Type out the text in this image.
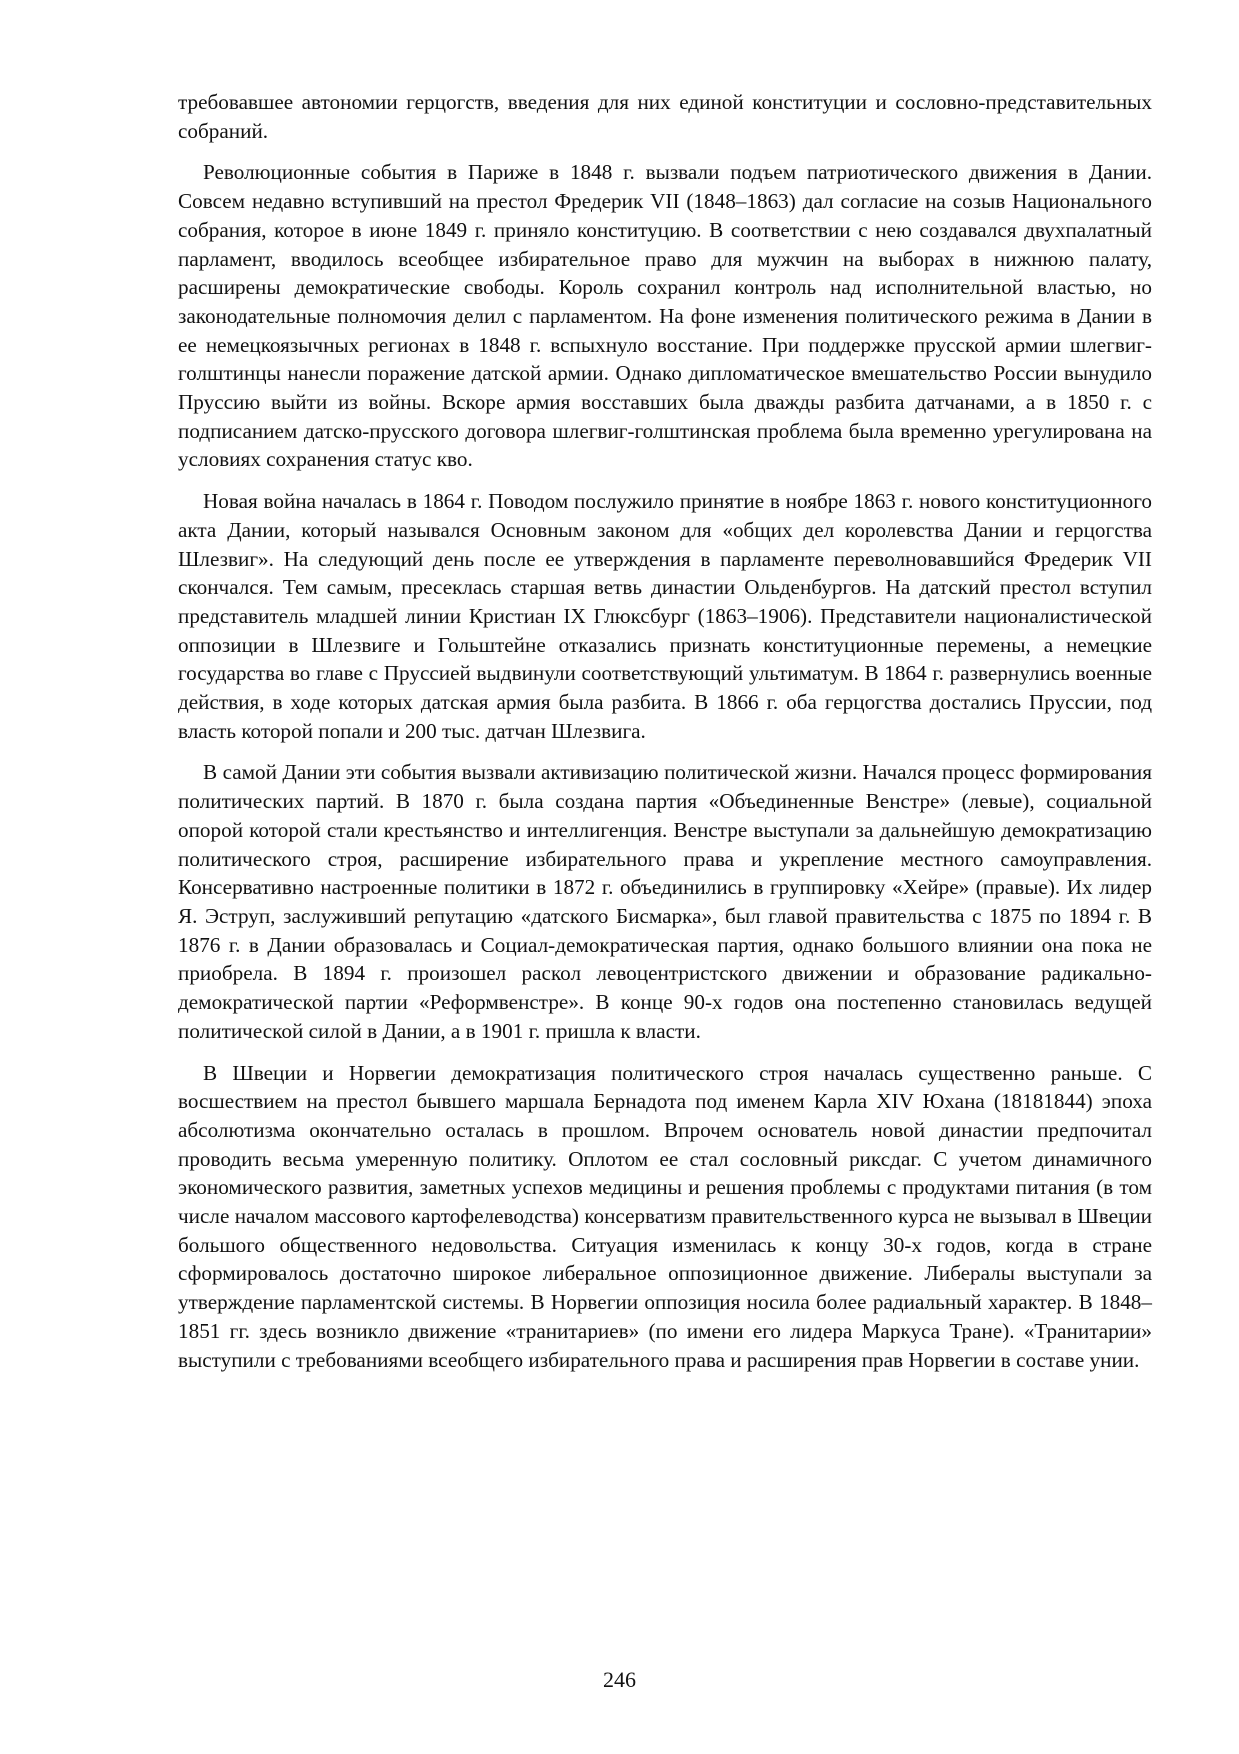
требовавшее автономии герцогств, введения для них единой конституции и сословно-представительных собраний.

Революционные события в Париже в 1848 г. вызвали подъем патриотического движения в Дании. Совсем недавно вступивший на престол Фредерик VII (1848–1863) дал согласие на созыв Национального собрания, которое в июне 1849 г. приняло конституцию. В соответствии с нею создавался двухпалатный парламент, вводилось всеобщее избирательное право для мужчин на выборах в нижнюю палату, расширены демократические свободы. Король сохранил контроль над исполнительной властью, но законодательные полномочия делил с парламентом. На фоне изменения политического режима в Дании в ее немецкоязычных регионах в 1848 г. вспыхнуло восстание. При поддержке прусской армии шлегвиг-голштинцы нанесли поражение датской армии. Однако дипломатическое вмешательство России вынудило Пруссию выйти из войны. Вскоре армия восставших была дважды разбита датчанами, а в 1850 г. с подписанием датско-прусского договора шлегвиг-голштинская проблема была временно урегулирована на условиях сохранения статус кво.

Новая война началась в 1864 г. Поводом послужило принятие в ноябре 1863 г. нового конституционного акта Дании, который назывался Основным законом для «общих дел королевства Дании и герцогства Шлезвиг». На следующий день после ее утверждения в парламенте переволновавшийся Фредерик VII скончался. Тем самым, пресеклась старшая ветвь династии Ольденбургов. На датский престол вступил представитель младшей линии Кристиан IX Глюксбург (1863–1906). Представители националистической оппозиции в Шлезвиге и Гольштейне отказались признать конституционные перемены, а немецкие государства во главе с Пруссией выдвинули соответствующий ультиматум. В 1864 г. развернулись военные действия, в ходе которых датская армия была разбита. В 1866 г. оба герцогства достались Пруссии, под власть которой попали и 200 тыс. датчан Шлезвига.

В самой Дании эти события вызвали активизацию политической жизни. Начался процесс формирования политических партий. В 1870 г. была создана партия «Объединенные Венстре» (левые), социальной опорой которой стали крестьянство и интеллигенция. Венстре выступали за дальнейшую демократизацию политического строя, расширение избирательного права и укрепление местного самоуправления. Консервативно настроенные политики в 1872 г. объединились в группировку «Хейре» (правые). Их лидер Я. Эструп, заслуживший репутацию «датского Бисмарка», был главой правительства с 1875 по 1894 г. В 1876 г. в Дании образовалась и Социал-демократическая партия, однако большого влиянии она пока не приобрела. В 1894 г. произошел раскол левоцентристского движении и образование радикально-демократической партии «Реформвенстре». В конце 90-х годов она постепенно становилась ведущей политической силой в Дании, а в 1901 г. пришла к власти.

В Швеции и Норвегии демократизация политического строя началась существенно раньше. С восшествием на престол бывшего маршала Бернадота под именем Карла XIV Юхана (18181844) эпоха абсолютизма окончательно осталась в прошлом. Впрочем основатель новой династии предпочитал проводить весьма умеренную политику. Оплотом ее стал сословный риксдаг. С учетом динамичного экономического развития, заметных успехов медицины и решения проблемы с продуктами питания (в том числе началом массового картофелеводства) консерватизм правительственного курса не вызывал в Швеции большого общественного недовольства. Ситуация изменилась к концу 30-х годов, когда в стране сформировалось достаточно широкое либеральное оппозиционное движение. Либералы выступали за утверждение парламентской системы. В Норвегии оппозиция носила более радиальный характер. В 1848–1851 гг. здесь возникло движение «транитариев» (по имени его лидера Маркуса Тране). «Транитарии» выступили с требованиями всеобщего избирательного права и расширения прав Норвегии в составе унии.

246
